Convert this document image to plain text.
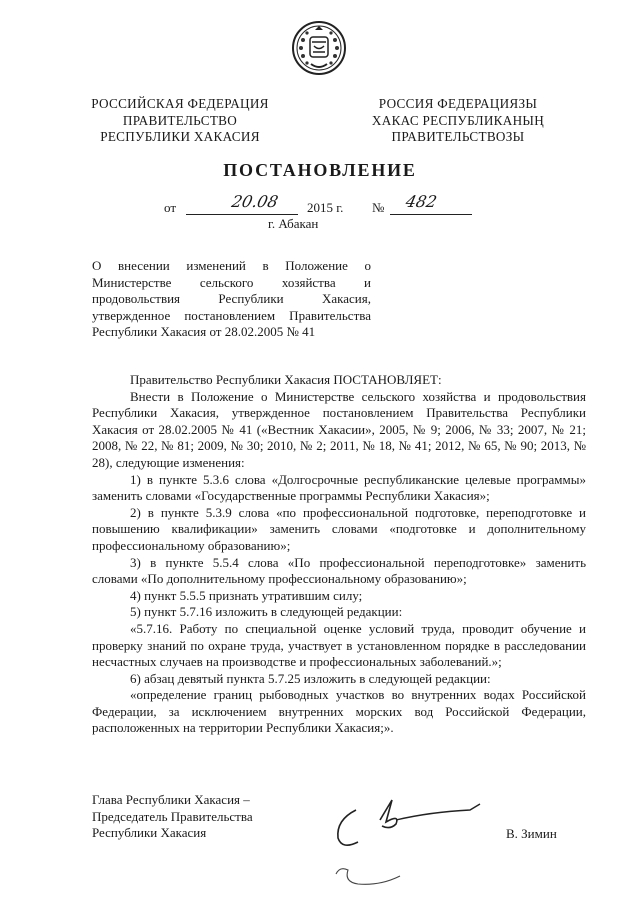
РОССИЙСКАЯ ФЕДЕРАЦИЯ
ПРАВИТЕЛЬСТВО
РЕСПУБЛИКИ ХАКАСИЯ
РОССИЯ ФЕДЕРАЦИЯЗЫ
ХАКАС РЕСПУБЛИКАНЫҢ
ПРАВИТЕЛЬСТВОЗЫ
ПОСТАНОВЛЕНИЕ
от	20.08 2015 г. № 482
г. Абакан
О внесении изменений в Положение о
Министерстве сельского хозяйства и
продовольствия Республики Хакасия,
утвержденное постановлением Правительства
Республики Хакасия от 28.02.2005 № 41

Правительство Республики Хакасия ПОСТАНОВЛЯЕТ:

Внести в Положение о Министерстве сельского хозяйства и продовольствия Республики Хакасия, утвержденное постановлением Правительства Республики Хакасия от 28.02.2005 № 41 («Вестник Хакасии», 2005, № 9; 2006, № 33; 2007, № 21; 2008, № 22, № 81; 2009, № 30; 2010, № 2; 2011, № 18, № 41; 2012, № 65, № 90; 2013, № 28), следующие изменения:

1) в пункте 5.3.6 слова «Долгосрочные республиканские целевые программы» заменить словами «Государственные программы Республики Хакасия»;

2) в пункте 5.3.9 слова «по профессиональной подготовке, переподготовке и повышению квалификации» заменить словами «подготовке и дополнительному профессиональному образованию»;

3) в пункте 5.5.4 слова «По профессиональной переподготовке» заменить словами «По дополнительному профессиональному образованию»;

4) пункт 5.5.5 признать утратившим силу;

5) пункт 5.7.16 изложить в следующей редакции:

«5.7.16. Работу по специальной оценке условий труда, проводит обучение и проверку знаний по охране труда, участвует в установленном порядке в расследовании несчастных случаев на производстве и профессиональных заболеваний.»;

6) абзац девятый пункта 5.7.25 изложить в следующей редакции:

«определение границ рыбоводных участков во внутренних водах Российской Федерации, за исключением внутренних морских вод Российской Федерации, расположенных на территории Республики Хакасия;».

Глава Республики Хакасия –
Председатель Правительства
Республики Хакасия	В. Зимин
